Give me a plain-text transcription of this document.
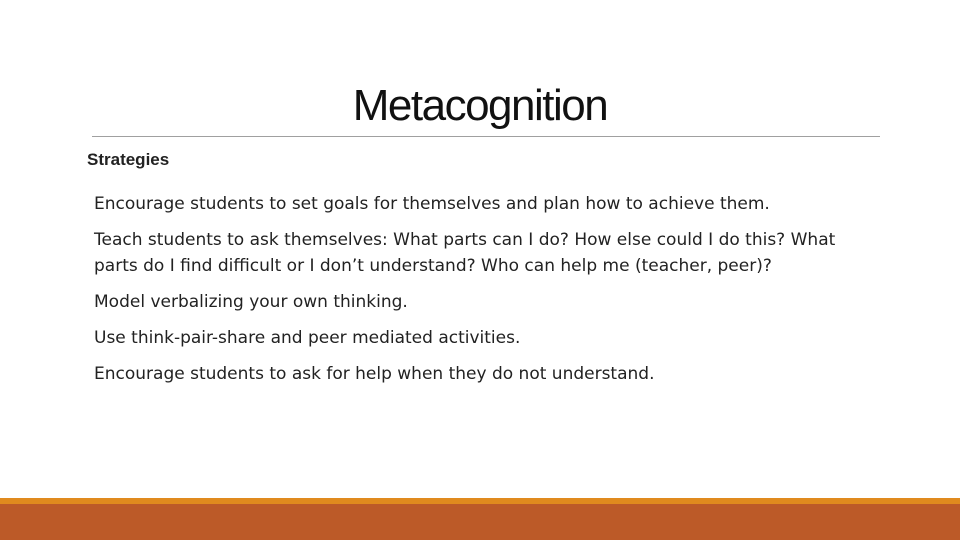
Metacognition
Strategies
Encourage students to set goals for themselves and plan how to achieve them.
Teach students to ask themselves: What parts can I do? How else could I do this? What parts do I find difficult or I don’t understand? Who can help me (teacher, peer)?
Model verbalizing your own thinking.
Use think-pair-share and peer mediated activities.
Encourage students to ask for help when they do not understand.
